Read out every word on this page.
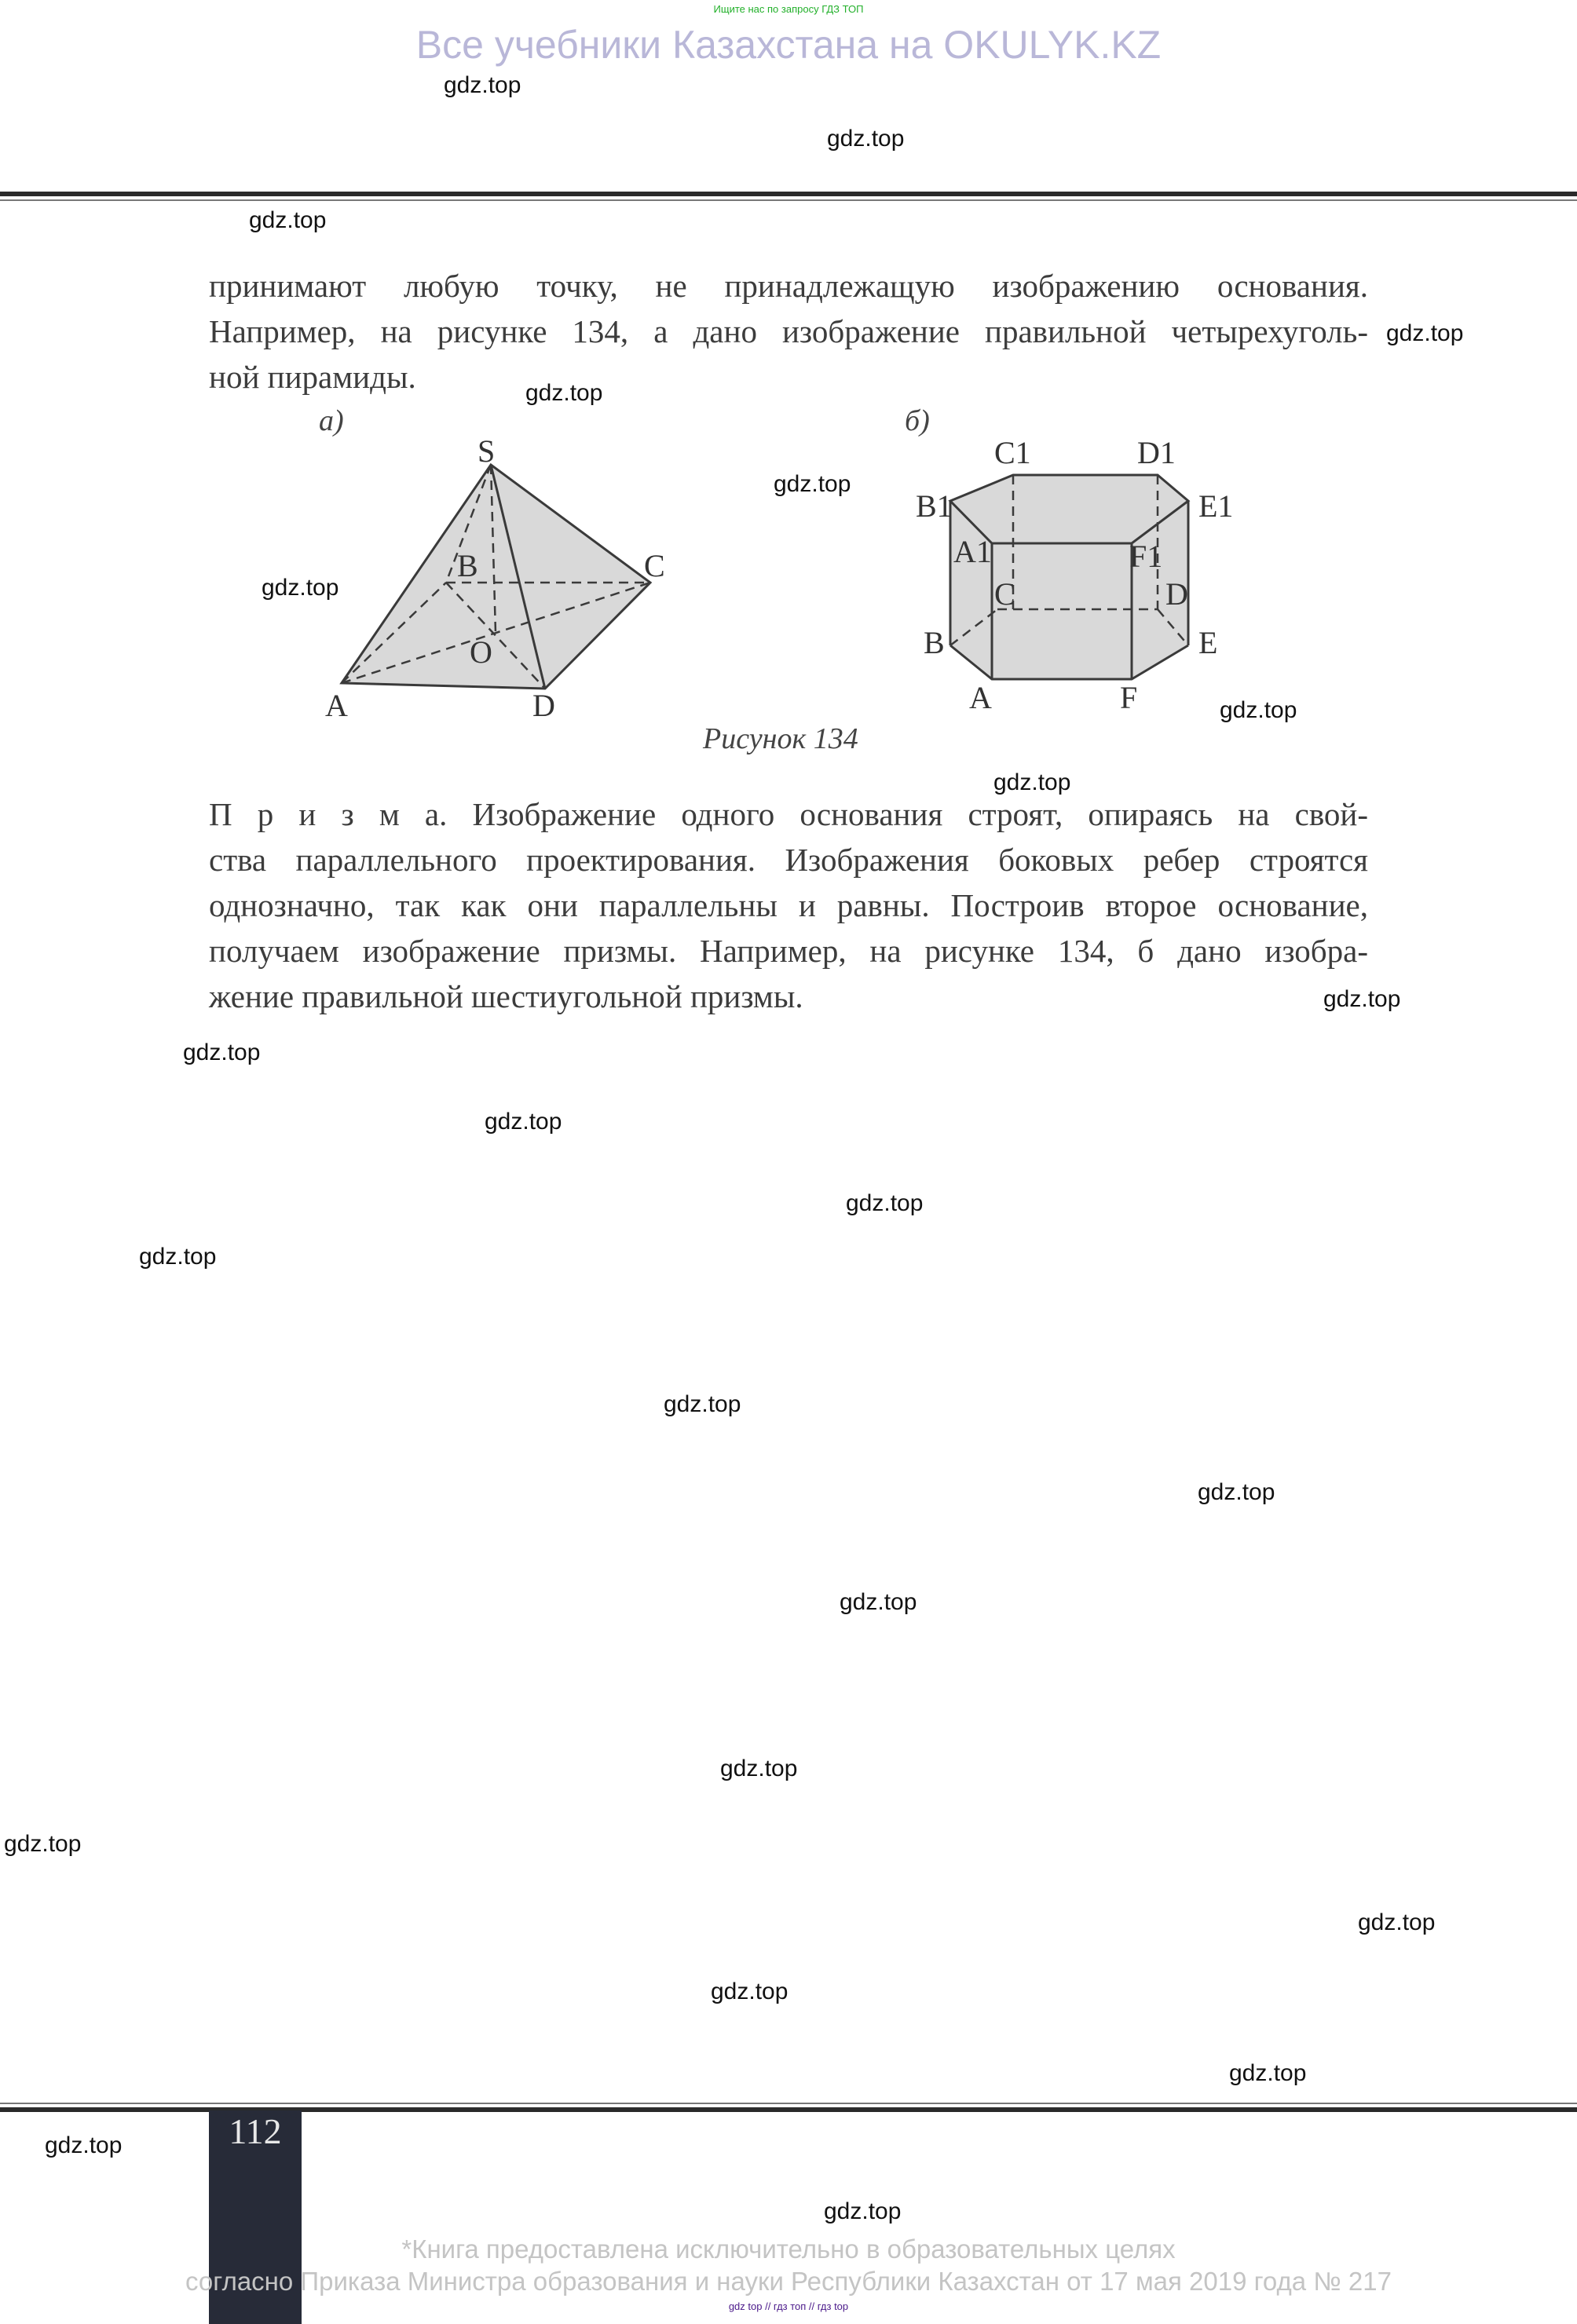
Ищите нас по запросу ГДЗ ТОП
Все учебники Казахстана на OKULYK.KZ
принимают любую точку, не принадлежащую изображению основания.
Например, на рисунке 134, а дано изображение правильной четырехуголь-
ной пирамиды.
а)
S
B	C
O
A	D
б)
C1	D1
B1	E1
A1	F1
C	D
B	E
A	F
Рисунок 134
П р и з м а. Изображение одного основания строят, опираясь на свой-
ства параллельного проектирования. Изображения боковых ребер строятся
однозначно, так как они параллельны и равны. Построив второе основание,
получаем изображение призмы. Например, на рисунке 134, б дано изобра-
жение правильной шестиугольной призмы.
112
*Книга предоставлена исключительно в образовательных целях
согласно Приказа Министра образования и науки Республики Казахстан от 17 мая 2019 года № 217
gdz top // гдз топ // гдз top
gdz.top
gdz.top
gdz.top
gdz.top
gdz.top
gdz.top
gdz.top
gdz.top
gdz.top
gdz.top
gdz.top
gdz.top
gdz.top
gdz.top
gdz.top
gdz.top
gdz.top
gdz.top
gdz.top
gdz.top
gdz.top
gdz.top
gdz.top
gdz.top
